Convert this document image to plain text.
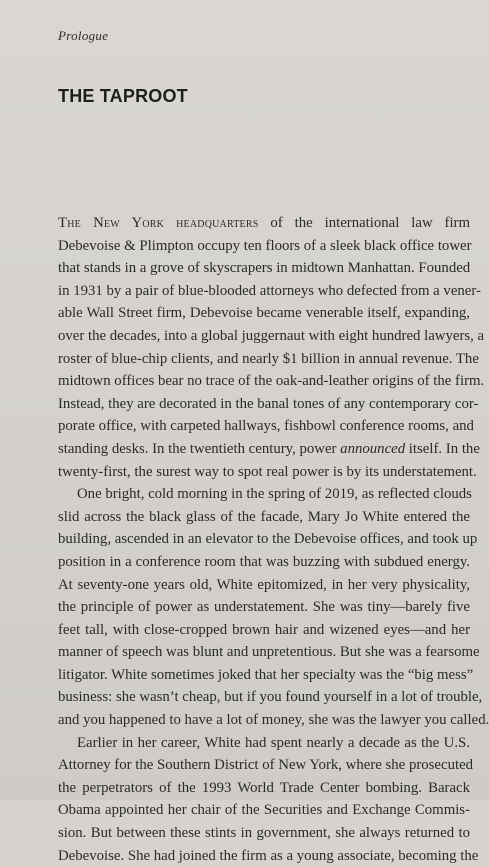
Prologue
THE TAPROOT
The New York headquarters of the international law firm
Debevoise & Plimpton occupy ten floors of a sleek black office tower
that stands in a grove of skyscrapers in midtown Manhattan. Founded
in 1931 by a pair of blue-blooded attorneys who defected from a vener-
able Wall Street firm, Debevoise became venerable itself, expanding,
over the decades, into a global juggernaut with eight hundred lawyers, a
roster of blue-chip clients, and nearly $1 billion in annual revenue. The
midtown offices bear no trace of the oak-and-leather origins of the firm.
Instead, they are decorated in the banal tones of any contemporary cor-
porate office, with carpeted hallways, fishbowl conference rooms, and
standing desks. In the twentieth century, power announced itself. In the
twenty-first, the surest way to spot real power is by its understatement.
One bright, cold morning in the spring of 2019, as reflected clouds
slid across the black glass of the facade, Mary Jo White entered the
building, ascended in an elevator to the Debevoise offices, and took up
position in a conference room that was buzzing with subdued energy.
At seventy-one years old, White epitomized, in her very physicality,
the principle of power as understatement. She was tiny—barely five
feet tall, with close-cropped brown hair and wizened eyes—and her
manner of speech was blunt and unpretentious. But she was a fearsome
litigator. White sometimes joked that her specialty was the “big mess”
business: she wasn’t cheap, but if you found yourself in a lot of trouble,
and you happened to have a lot of money, she was the lawyer you called.
Earlier in her career, White had spent nearly a decade as the U.S.
Attorney for the Southern District of New York, where she prosecuted
the perpetrators of the 1993 World Trade Center bombing. Barack
Obama appointed her chair of the Securities and Exchange Commis-
sion. But between these stints in government, she always returned to
Debevoise. She had joined the firm as a young associate, becoming the
